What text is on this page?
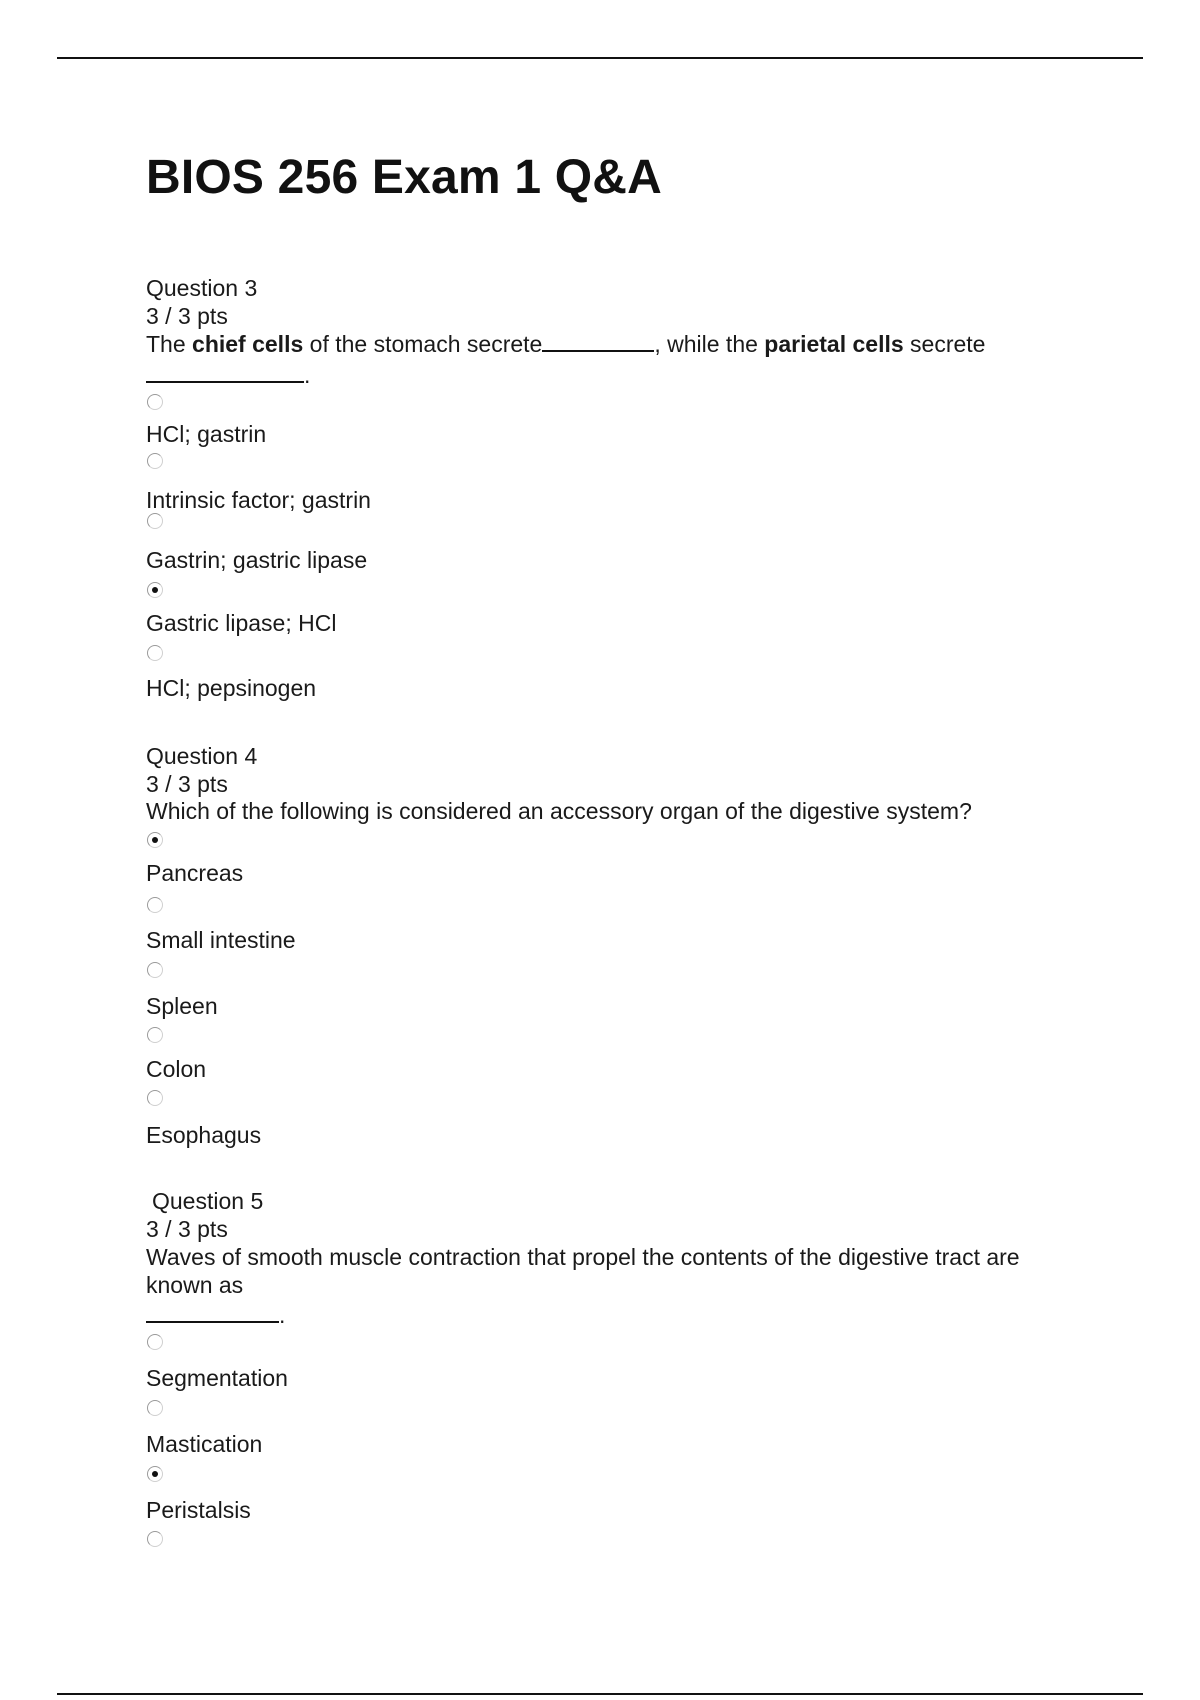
BIOS 256 Exam 1 Q&A
Question 3
3 / 3 pts
The chief cells of the stomach secrete	, while the parietal cells secrete
.
HCl; gastrin
Intrinsic factor; gastrin
Gastrin; gastric lipase
Gastric lipase; HCl
HCl; pepsinogen
Question 4
3 / 3 pts
Which of the following is considered an accessory organ of the digestive system?
Pancreas
Small intestine
Spleen
Colon
Esophagus
Question 5
3 / 3 pts
Waves of smooth muscle contraction that propel the contents of the digestive tract are
known as
.
Segmentation
Mastication
Peristalsis
